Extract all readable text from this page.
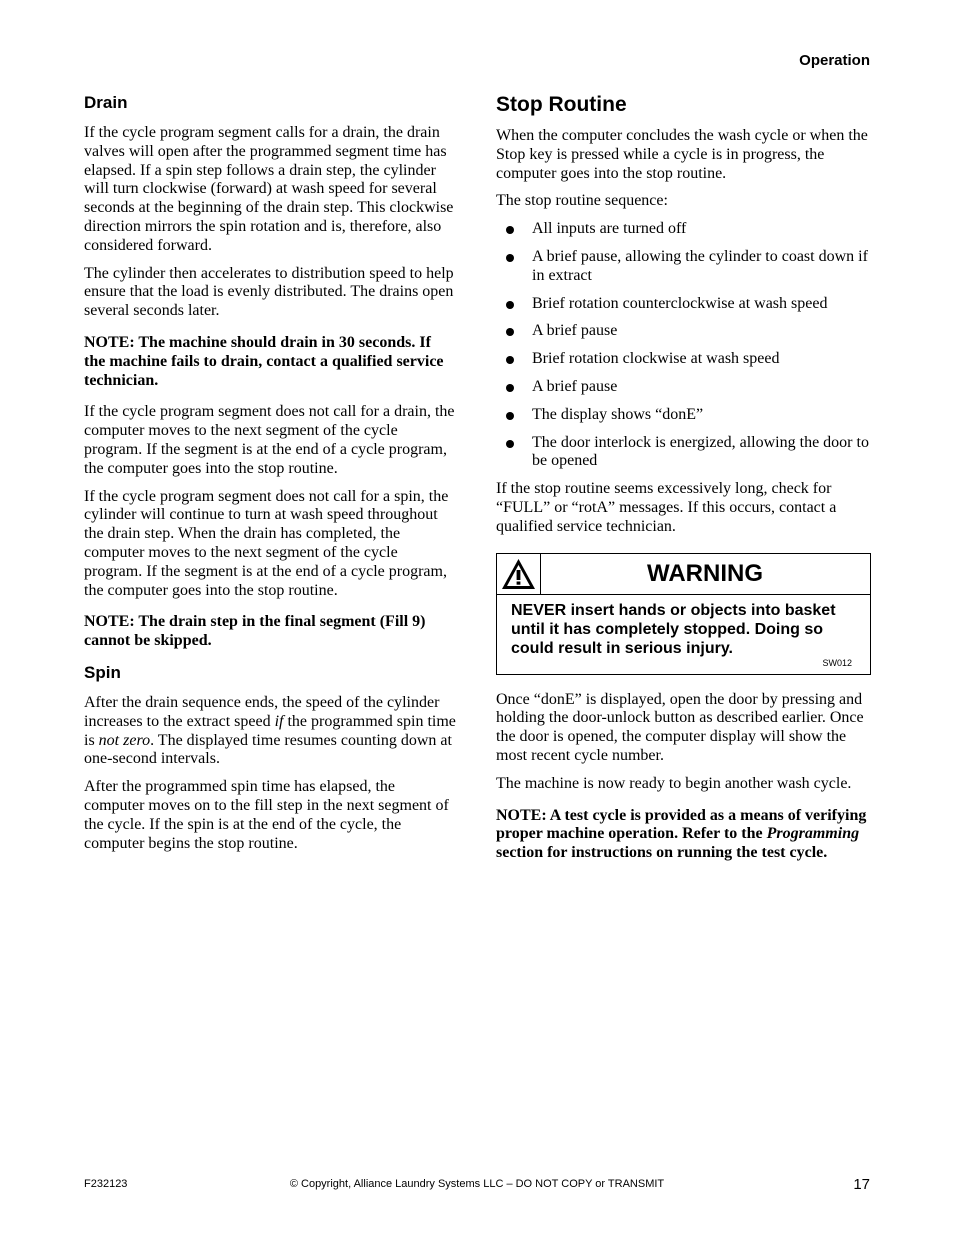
Operation
Drain

If the cycle program segment calls for a drain, the drain valves will open after the programmed segment time has elapsed. If a spin step follows a drain step, the cylinder will turn clockwise (forward) at wash speed for several seconds at the beginning of the drain step. This clockwise direction mirrors the spin rotation and is, therefore, also considered forward.

The cylinder then accelerates to distribution speed to help ensure that the load is evenly distributed. The drains open several seconds later.

NOTE: The machine should drain in 30 seconds. If the machine fails to drain, contact a qualified service technician.

If the cycle program segment does not call for a drain, the computer moves to the next segment of the cycle program. If the segment is at the end of a cycle program, the computer goes into the stop routine.

If the cycle program segment does not call for a spin, the cylinder will continue to turn at wash speed throughout the drain step. When the drain has completed, the computer moves to the next segment of the cycle program. If the segment is at the end of a cycle program, the computer goes into the stop routine.

NOTE: The drain step in the final segment (Fill 9) cannot be skipped.

Spin

After the drain sequence ends, the speed of the cylinder increases to the extract speed if the programmed spin time is not zero. The displayed time resumes counting down at one-second intervals.

After the programmed spin time has elapsed, the computer moves on to the fill step in the next segment of the cycle. If the spin is at the end of the cycle, the computer begins the stop routine.

Stop Routine

When the computer concludes the wash cycle or when the Stop key is pressed while a cycle is in progress, the computer goes into the stop routine.

The stop routine sequence:

All inputs are turned off
A brief pause, allowing the cylinder to coast down if in extract
Brief rotation counterclockwise at wash speed
A brief pause
Brief rotation clockwise at wash speed
A brief pause
The display shows “donE”
The door interlock is energized, allowing the door to be opened

If the stop routine seems excessively long, check for “FULL” or “rotA” messages. If this occurs, contact a qualified service technician.

WARNING
NEVER insert hands or objects into basket until it has completely stopped. Doing so could result in serious injury.
SW012

Once “donE” is displayed, open the door by pressing and holding the door-unlock button as described earlier. Once the door is opened, the computer display will show the most recent cycle number.

The machine is now ready to begin another wash cycle.

NOTE: A test cycle is provided as a means of verifying proper machine operation. Refer to the Programming section for instructions on running the test cycle.

F232123	© Copyright, Alliance Laundry Systems LLC – DO NOT COPY or TRANSMIT	17
